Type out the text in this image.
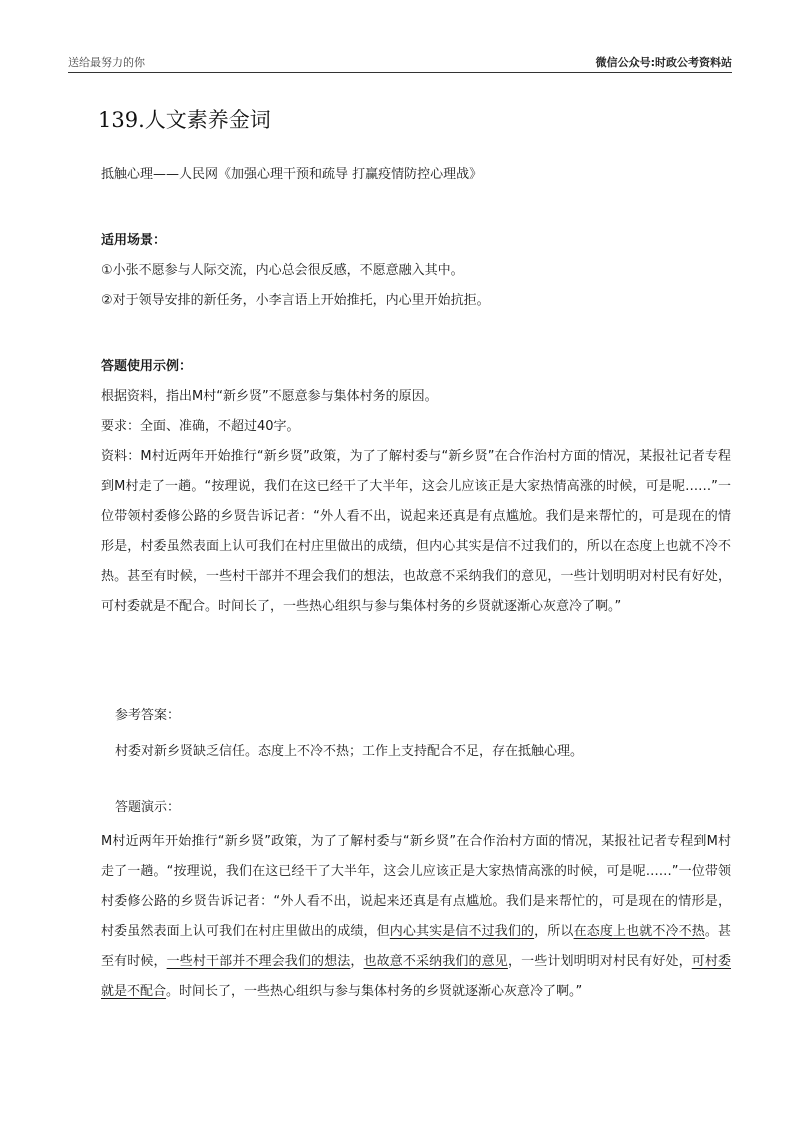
送给最努力的你	微信公众号:时政公考资料站
139.人文素养金词
抵触心理——人民网《加强心理干预和疏导 打赢疫情防控心理战》
适用场景：
①小张不愿参与人际交流，内心总会很反感，不愿意融入其中。
②对于领导安排的新任务，小李言语上开始推托，内心里开始抗拒。
答题使用示例：
根据资料，指出M村“新乡贤”不愿意参与集体村务的原因。
要求：全面、准确，不超过40字。
资料：M村近两年开始推行“新乡贤”政策，为了了解村委与“新乡贤”在合作治村方面的情况，某报社记者专程到M村走了一趟。“按理说，我们在这已经干了大半年，这会儿应该正是大家热情高涨的时候，可是呢……”一位带领村委修公路的乡贤告诉记者：“外人看不出，说起来还真是有点尴尬。我们是来帮忙的，可是现在的情形是，村委虽然表面上认可我们在村庄里做出的成绩，但内心其实是信不过我们的，所以在态度上也就不冷不热。甚至有时候，一些村干部并不理会我们的想法，也故意不采纳我们的意见，一些计划明明对村民有好处，可村委就是不配合。时间长了，一些热心组织与参与集体村务的乡贤就逐渐心灰意冷了啊。”
参考答案：
村委对新乡贤缺乏信任。态度上不冷不热；工作上支持配合不足，存在抵触心理。
答题演示：
M村近两年开始推行“新乡贤”政策，为了了解村委与“新乡贤”在合作治村方面的情况，某报社记者专程到M村走了一趟。“按理说，我们在这已经干了大半年，这会儿应该正是大家热情高涨的时候，可是呢……”一位带领村委修公路的乡贤告诉记者：“外人看不出，说起来还真是有点尴尬。我们是来帮忙的，可是现在的情形是，村委虽然表面上认可我们在村庄里做出的成绩，但内心其实是信不过我们的，所以在态度上也就不冷不热。甚至有时候，一些村干部并不理会我们的想法，也故意不采纳我们的意见，一些计划明明对村民有好处，可村委就是不配合。时间长了，一些热心组织与参与集体村务的乡贤就逐渐心灰意冷了啊。”
